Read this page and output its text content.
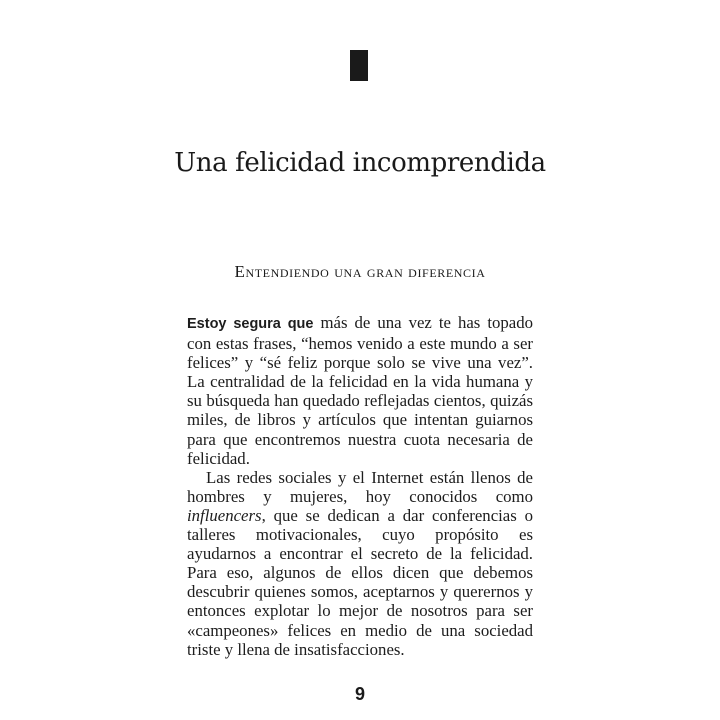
Una felicidad incomprendida
Entendiendo una gran diferencia

Estoy segura que más de una vez te has topado con estas frases, “hemos venido a este mundo a ser felices” y “sé feliz porque solo se vive una vez”. La centralidad de la felicidad en la vida humana y su búsqueda han quedado reflejadas cientos, quizás miles, de libros y artículos que intentan guiarnos para que encontremos nuestra cuota necesaria de felicidad.

Las redes sociales y el Internet están llenos de hombres y mujeres, hoy conocidos como influencers, que se dedican a dar conferencias o talleres motivacionales, cuyo propósito es ayudarnos a encontrar el secreto de la felicidad. Para eso, algunos de ellos dicen que debemos descubrir quienes somos, aceptarnos y querernos y entonces explotar lo mejor de nosotros para ser «campeones» felices en medio de una sociedad triste y llena de insatisfacciones.

9
